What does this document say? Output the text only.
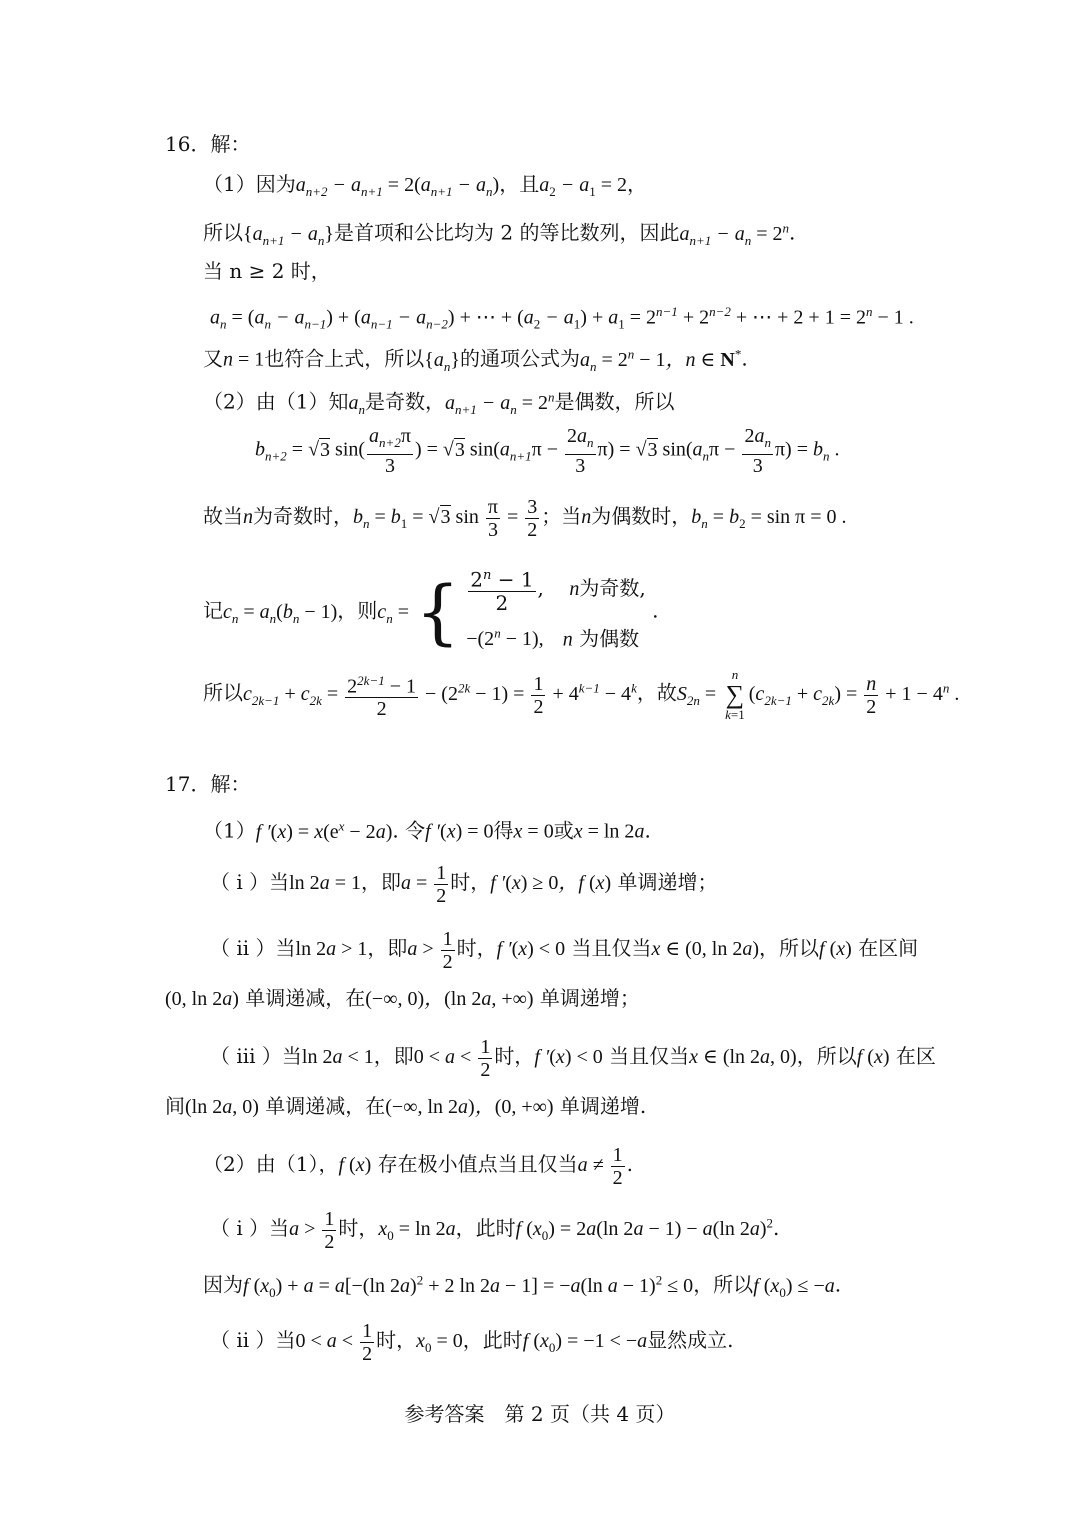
16．解：
（1）因为$a_{n+2} - a_{n+1} = 2(a_{n+1} - a_n)$，且$a_2 - a_1 = 2$，
所以$\{a_{n+1} - a_n\}$是首项和公比均为 2 的等比数列，因此$a_{n+1} - a_n = 2^n$.
当 n ≥ 2 时，
$a_n = (a_n - a_{n-1}) + (a_{n-1} - a_{n-2})$ + ⋯ + $(a_2 - a_1) + a_1 = 2^{n-1} + 2^{n-2}$ + ⋯ + $2 + 1 = 2^n - 1$ .
又n = 1也符合上式，所以$\{a_n\}$的通项公式为$a_n = 2^n - 1$，n ∈ N*.
（2）由（1）知$a_n$是奇数，$a_{n+1} - a_n = 2^n$是偶数，所以
$b_{n+2} = √3$ $\sin( \frac{a_{n+2}\pi}{3}$ ) = √3 $\sin(a_{n+1}\pi - \frac{2a_n}{3} \pi) = √3$ $\sin(a_n\pi - \frac{2a_n}{3} \pi) = b_n$ .
故当n为奇数时，$b_n = b_1 = √3$ $\sin \frac{\pi}{3} = \frac{3}{2}$ ；当n为偶数时，$b_n = b_2 = \sin \pi = 0$ .
记$c_n = a_n(b_n - 1)$，则$c_n$ = { $\frac{2^n - 1}{2}$ ,    n为奇数,
$-(2^n - 1)$, n 为偶数
.
所以$c_{2k-1} + c_{2k} = \frac{2^{2k-1} - 1}{2} - (2^{2k} - 1) = \frac{1}{2} + 4^{k-1} - 4^k$，故$S_{2n}$ =
n
∑
k=1
$(c_{2k-1} + c_{2k}) = \frac{n}{2} + 1 - 4^n$ .
17．解：
（1）f $'(x) = x(e^x - 2a)$. 令f ′(x) = 0得x = 0或x = ln 2a.
（ i ）当ln 2a = 1，即$a = \frac{1}{2}$ 时，f ′(x) ≥ 0，f (x) 单调递增；
（ ii ）当ln 2a > 1，即$a > \frac{1}{2}$ 时，f ′(x) < 0 当且仅当x ∈ (0, ln 2a)，所以f (x) 在区间
(0, ln 2a) 单调递减，在(−∞, 0)，(ln 2a, +∞) 单调递增；
（ iii ）当ln 2a < 1，即$0 < a < \frac{1}{2}$ 时，f ′(x) < 0 当且仅当x ∈ (ln 2a, 0)，所以f (x) 在区
间(ln 2a, 0) 单调递减，在(−∞, ln 2a)，(0, +∞) 单调递增.
（2）由（1），f (x) 存在极小值点当且仅当$a \ne \frac{1}{2}$ .
（ i ）当$a > \frac{1}{2}$ 时，$x_0 = \ln 2a$，此时f $(x_0) = 2a(\ln$ 2a − 1) − a(ln 2a)$^2$.
因为f $(x_0) + a = a[-(\ln$ 2a)$^2$ + 2 ln 2a − 1] = −a(ln a − 1)$^2$ ≤ 0，所以f $(x_0) \le -a$.
（ ii ）当$0 < a < \frac{1}{2}$ 时，$x_0 = 0$，此时f $(x_0) = -1 < -a$显然成立.
参考答案　第 2 页（共 4 页）
